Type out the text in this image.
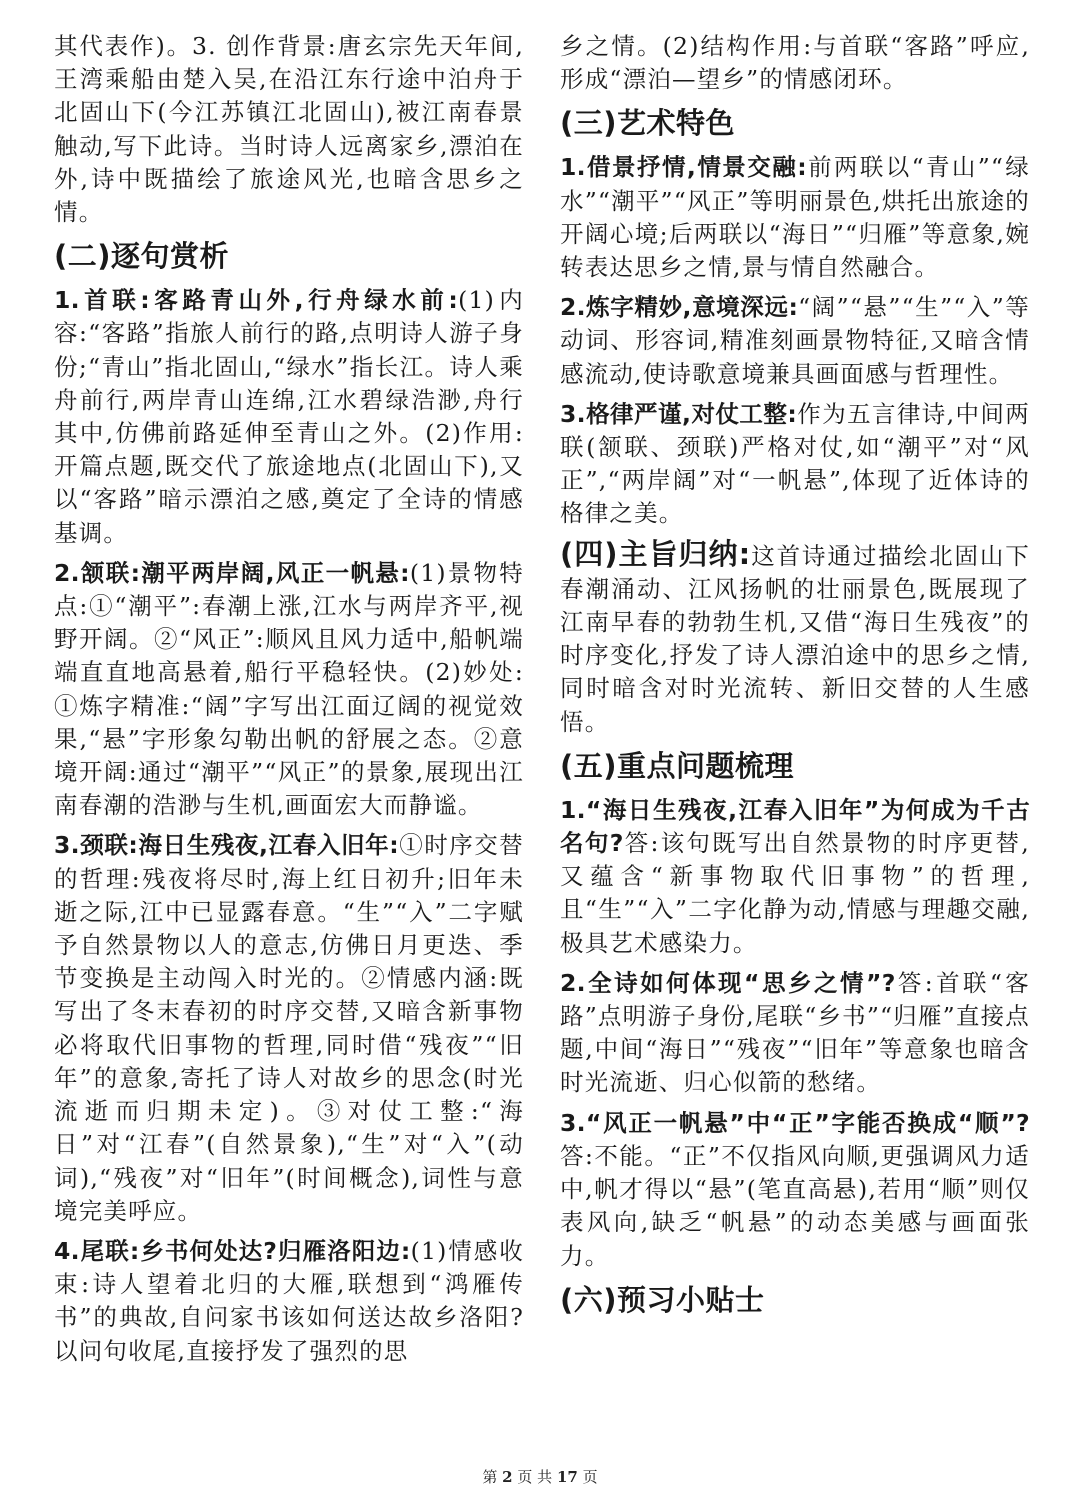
其代表作)。3. 创作背景:唐玄宗先天年间,王湾乘船由楚入吴,在沿江东行途中泊舟于北固山下(今江苏镇江北固山),被江南春景触动,写下此诗。当时诗人远离家乡,漂泊在外,诗中既描绘了旅途风光,也暗含思乡之情。

(二)逐句赏析

1.首联:客路青山外,行舟绿水前:(1)内容:“客路”指旅人前行的路,点明诗人游子身份;“青山”指北固山,“绿水”指长江。诗人乘舟前行,两岸青山连绵,江水碧绿浩渺,舟行其中,仿佛前路延伸至青山之外。(2)作用:开篇点题,既交代了旅途地点(北固山下),又以“客路”暗示漂泊之感,奠定了全诗的情感基调。

2.颔联:潮平两岸阔,风正一帆悬:(1)景物特点:①“潮平”:春潮上涨,江水与两岸齐平,视野开阔。②“风正”:顺风且风力适中,船帆端端直直地高悬着,船行平稳轻快。(2)妙处:①炼字精准:“阔”字写出江面辽阔的视觉效果,“悬”字形象勾勒出帆的舒展之态。②意境开阔:通过“潮平”“风正”的景象,展现出江南春潮的浩渺与生机,画面宏大而静谧。

3.颈联:海日生残夜,江春入旧年:①时序交替的哲理:残夜将尽时,海上红日初升;旧年未逝之际,江中已显露春意。“生”“入”二字赋予自然景物以人的意志,仿佛日月更迭、季节变换是主动闯入时光的。②情感内涵:既写出了冬末春初的时序交替,又暗含新事物必将取代旧事物的哲理,同时借“残夜”“旧年”的意象,寄托了诗人对故乡的思念(时光流逝而归期未定)。③对仗工整:“海日”对“江春”(自然景象),“生”对“入”(动词),“残夜”对“旧年”(时间概念),词性与意境完美呼应。

4.尾联:乡书何处达?归雁洛阳边:(1)情感收束:诗人望着北归的大雁,联想到“鸿雁传书”的典故,自问家书该如何送达故乡洛阳?以问句收尾,直接抒发了强烈的思

乡之情。(2)结构作用:与首联“客路”呼应,形成“漂泊—望乡”的情感闭环。

(三)艺术特色

1.借景抒情,情景交融:前两联以“青山”“绿水”“潮平”“风正”等明丽景色,烘托出旅途的开阔心境;后两联以“海日”“归雁”等意象,婉转表达思乡之情,景与情自然融合。

2.炼字精妙,意境深远:“阔”“悬”“生”“入”等动词、形容词,精准刻画景物特征,又暗含情感流动,使诗歌意境兼具画面感与哲理性。

3.格律严谨,对仗工整:作为五言律诗,中间两联(颔联、颈联)严格对仗,如“潮平”对“风正”,“两岸阔”对“一帆悬”,体现了近体诗的格律之美。

(四)主旨归纳:这首诗通过描绘北固山下春潮涌动、江风扬帆的壮丽景色,既展现了江南早春的勃勃生机,又借“海日生残夜”的时序变化,抒发了诗人漂泊途中的思乡之情,同时暗含对时光流转、新旧交替的人生感悟。

(五)重点问题梳理

1.“海日生残夜,江春入旧年”为何成为千古名句?答:该句既写出自然景物的时序更替,又蕴含“新事物取代旧事物”的哲理,且“生”“入”二字化静为动,情感与理趣交融,极具艺术感染力。

2.全诗如何体现“思乡之情”?答:首联“客路”点明游子身份,尾联“乡书”“归雁”直接点题,中间“海日”“残夜”“旧年”等意象也暗含时光流逝、归心似箭的愁绪。

3.“风正一帆悬”中“正”字能否换成“顺”?答:不能。“正”不仅指风向顺,更强调风力适中,帆才得以“悬”(笔直高悬),若用“顺”则仅表风向,缺乏“帆悬”的动态美感与画面张力。

(六)预习小贴士
第 2 页 共 17 页
